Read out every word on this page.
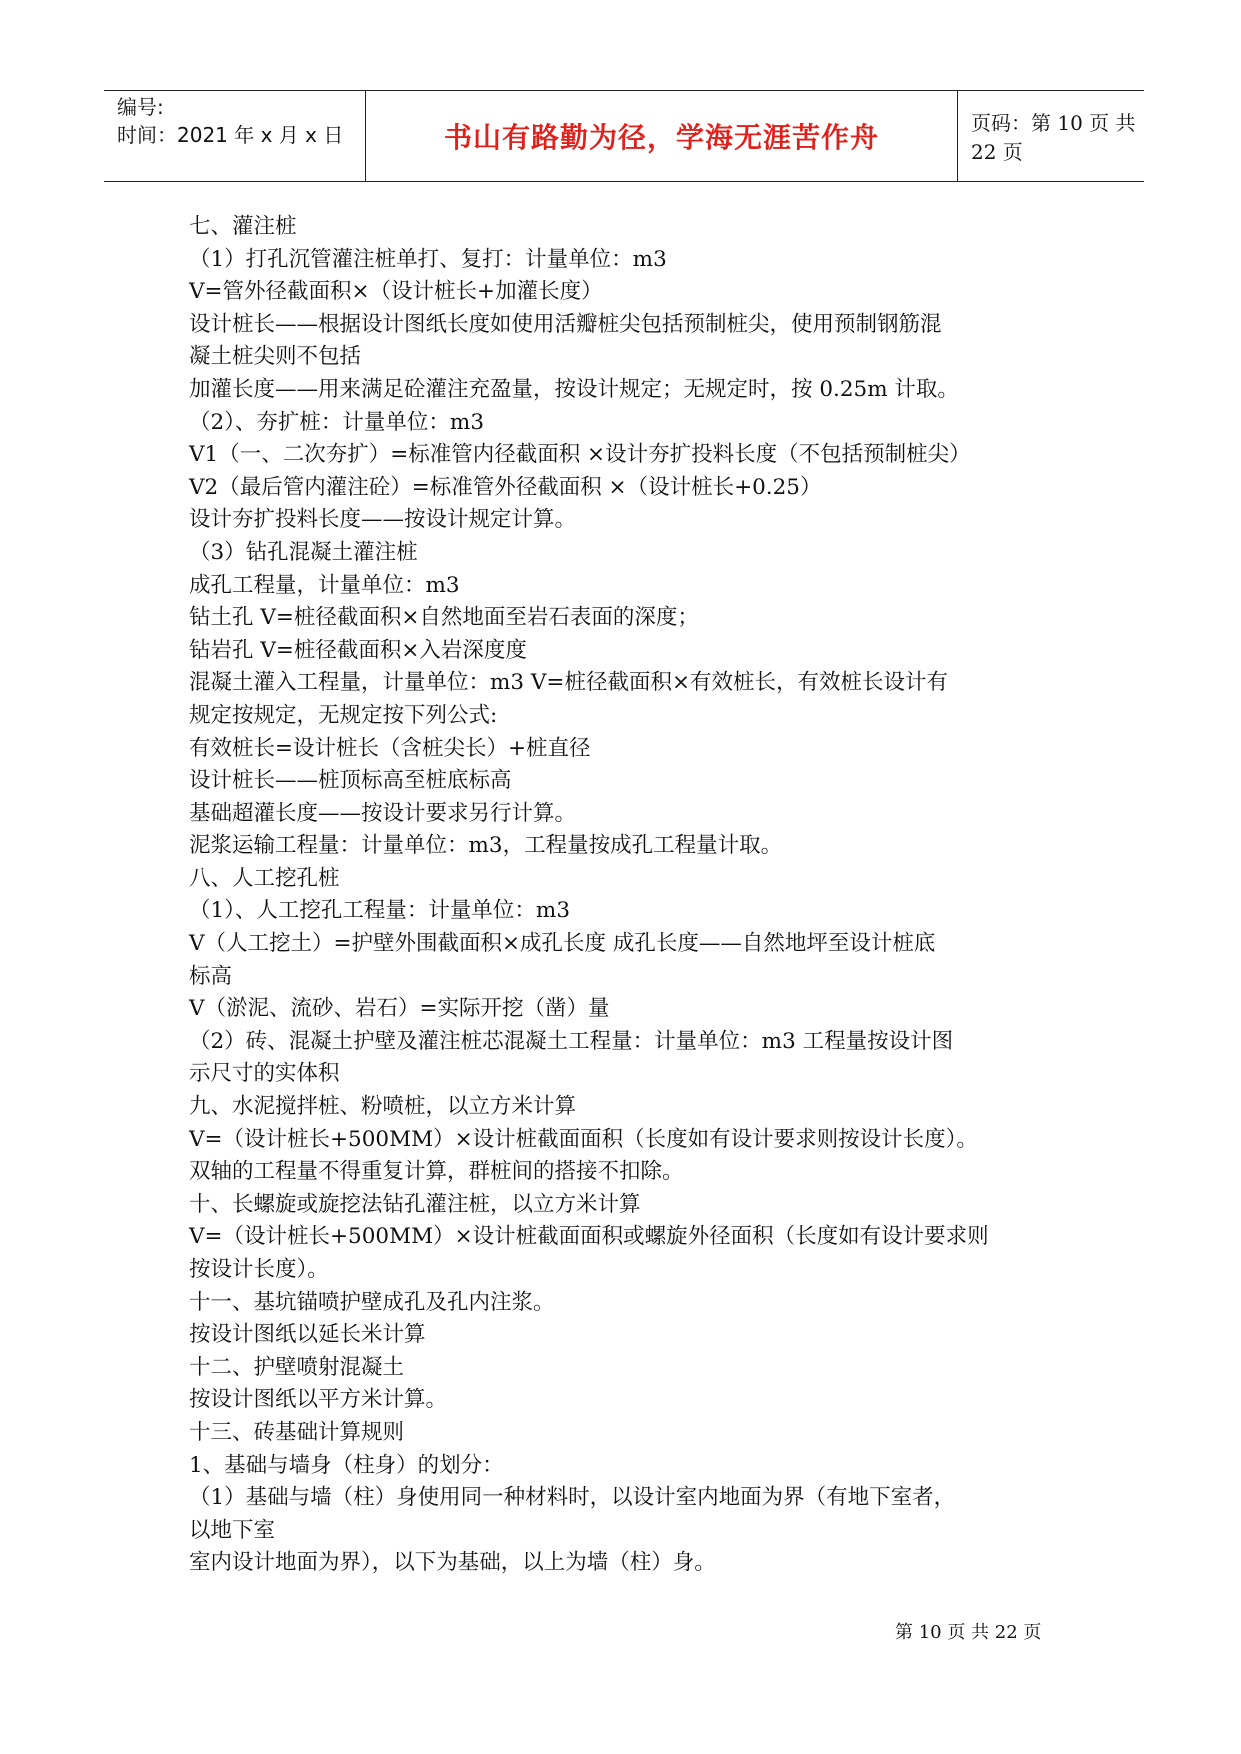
编号:
时间：2021 年 x 月 x 日	书山有路勤为径，学海无涯苦作舟	页码：第 10 页 共 22 页

七、灌注桩

（1）打孔沉管灌注桩单打、复打：计量单位：m3

V=管外径截面积×（设计桩长+加灌长度）

设计桩长——根据设计图纸长度如使用活瓣桩尖包括预制桩尖，使用预制钢筋混

凝土桩尖则不包括

加灌长度——用来满足砼灌注充盈量，按设计规定；无规定时，按 0.25m 计取。

（2）、夯扩桩：计量单位：m3

V1（一、二次夯扩）=标准管内径截面积 ×设计夯扩投料长度（不包括预制桩尖）

V2（最后管内灌注砼）=标准管外径截面积 ×（设计桩长+0.25）

设计夯扩投料长度——按设计规定计算。

（3）钻孔混凝土灌注桩

成孔工程量，计量单位：m3

钻土孔 V=桩径截面积×自然地面至岩石表面的深度；

钻岩孔 V=桩径截面积×入岩深度度

混凝土灌入工程量，计量单位：m3 V=桩径截面积×有效桩长，有效桩长设计有

规定按规定，无规定按下列公式:

有效桩长=设计桩长（含桩尖长）+桩直径

设计桩长——桩顶标高至桩底标高

基础超灌长度——按设计要求另行计算。

泥浆运输工程量：计量单位：m3，工程量按成孔工程量计取。

八、人工挖孔桩

（1）、人工挖孔工程量：计量单位：m3

V（人工挖土）=护壁外围截面积×成孔长度 成孔长度——自然地坪至设计桩底

标高

V（淤泥、流砂、岩石）=实际开挖（凿）量

（2）砖、混凝土护壁及灌注桩芯混凝土工程量：计量单位：m3 工程量按设计图

示尺寸的实体积

九、水泥搅拌桩、粉喷桩，以立方米计算

V=（设计桩长+500MM）×设计桩截面面积（长度如有设计要求则按设计长度）。

双轴的工程量不得重复计算，群桩间的搭接不扣除。

十、长螺旋或旋挖法钻孔灌注桩，以立方米计算

V=（设计桩长+500MM）×设计桩截面面积或螺旋外径面积（长度如有设计要求则

按设计长度）。

十一、基坑锚喷护壁成孔及孔内注浆。

按设计图纸以延长米计算

十二、护壁喷射混凝土

按设计图纸以平方米计算。

十三、砖基础计算规则

1、基础与墙身（柱身）的划分：

（1）基础与墙（柱）身使用同一种材料时，以设计室内地面为界（有地下室者，

以地下室

室内设计地面为界），以下为基础，以上为墙（柱）身。

第 10 页 共 22 页
